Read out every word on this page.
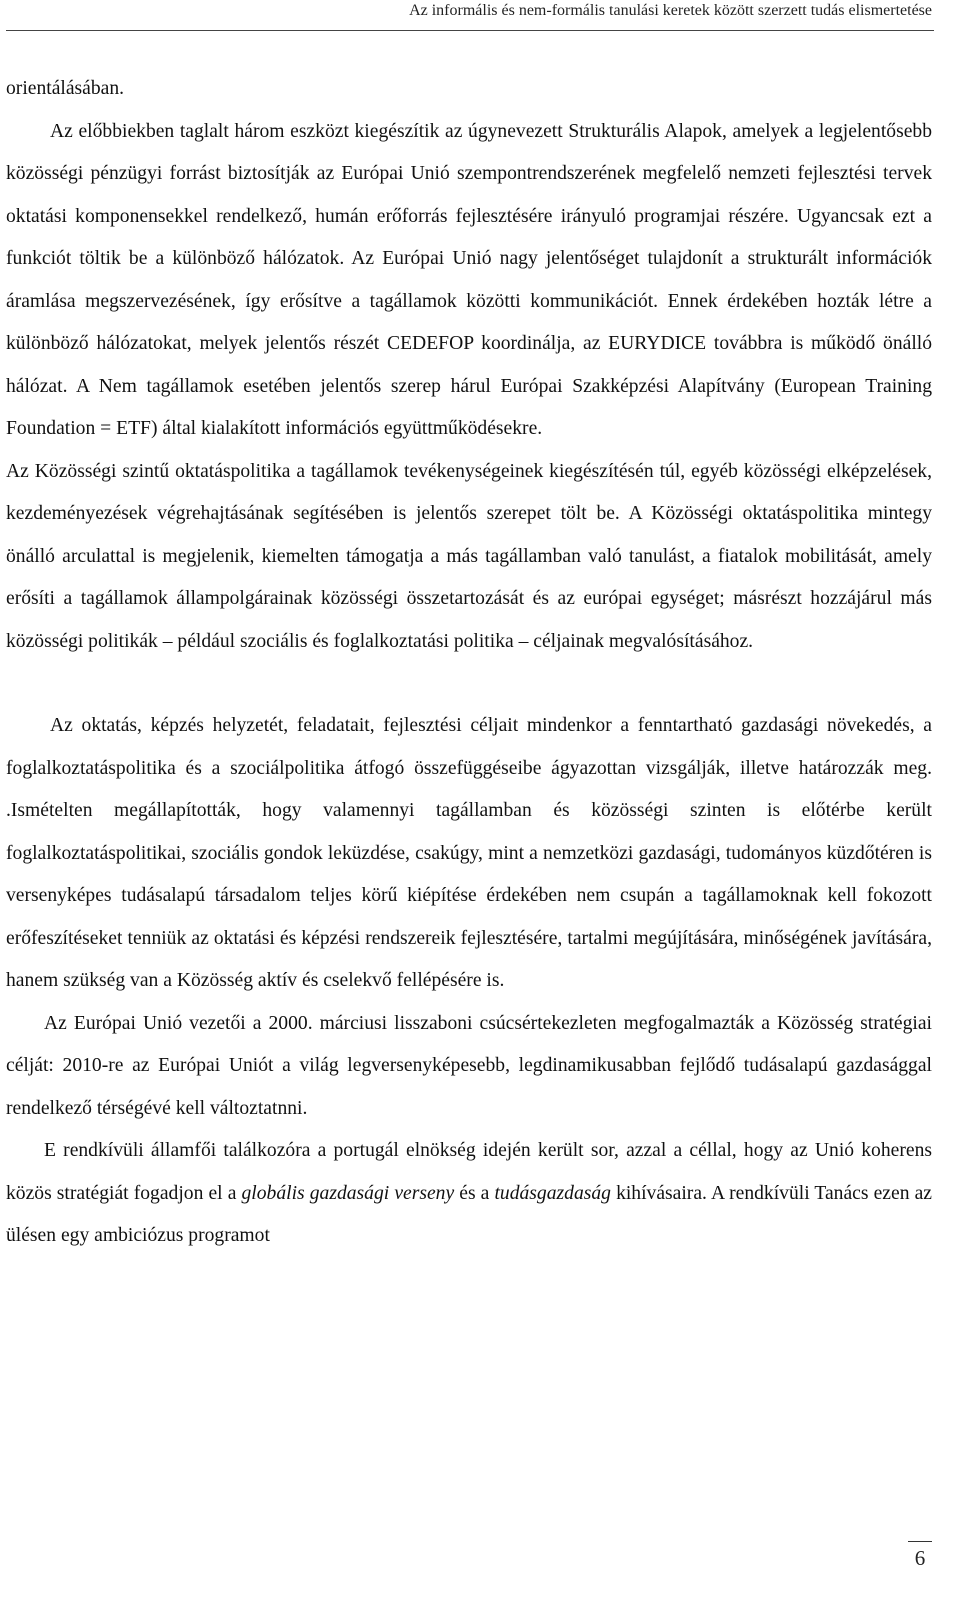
Az informális és nem-formális tanulási keretek között szerzett tudás elismertetése

orientálásában.

Az előbbiekben taglalt három eszközt kiegészítik az úgynevezett Strukturális Alapok, amelyek a legjelentősebb közösségi pénzügyi forrást biztosítják az Európai Unió szempontrendszerének megfelelő nemzeti fejlesztési tervek oktatási komponensekkel rendelkező, humán erőforrás fejlesztésére irányuló programjai részére. Ugyancsak ezt a funkciót töltik be a különböző hálózatok. Az Európai Unió nagy jelentőséget tulajdonít a strukturált információk áramlása megszervezésének, így erősítve a tagállamok közötti kommunikációt. Ennek érdekében hozták létre a különböző hálózatokat, melyek jelentős részét CEDEFOP koordinálja, az EURYDICE továbbra is működő önálló hálózat. A Nem tagállamok esetében jelentős szerep hárul Európai Szakképzési Alapítvány (European Training Foundation = ETF) által kialakított információs együttműködésekre.

Az Közösségi szintű oktatáspolitika a tagállamok tevékenységeinek kiegészítésén túl, egyéb közösségi elképzelések, kezdeményezések végrehajtásának segítésében is jelentős szerepet tölt be. A Közösségi oktatáspolitika mintegy önálló arculattal is megjelenik, kiemelten támogatja a más tagállamban való tanulást, a fiatalok mobilitását, amely erősíti a tagállamok állampolgárainak közösségi összetartozását és az európai egységet; másrészt hozzájárul más közösségi politikák – például szociális és foglalkoztatási politika – céljainak megvalósításához.

Az oktatás, képzés helyzetét, feladatait, fejlesztési céljait mindenkor a fenntartható gazdasági növekedés, a foglalkoztatáspolitika és a szociálpolitika átfogó összefüggéseibe ágyazottan vizsgálják, illetve határozzák meg. .Ismételten megállapították, hogy valamennyi tagállamban és közösségi szinten is előtérbe került foglalkoztatáspolitikai, szociális gondok leküzdése, csakúgy, mint a nemzetközi gazdasági, tudományos küzdőtéren is versenyképes tudásalapú társadalom teljes körű kiépítése érdekében nem csupán a tagállamoknak kell fokozott erőfeszítéseket tenniük az oktatási és képzési rendszereik fejlesztésére, tartalmi megújítására, minőségének javítására, hanem szükség van a Közösség aktív és cselekvő fellépésére is.

Az Európai Unió vezetői a 2000. márciusi lisszaboni csúcsértekezleten megfogalmazták a Közösség stratégiai célját: 2010-re az Európai Uniót a világ legversenyképesebb, legdinamikusabban fejlődő tudásalapú gazdasággal rendelkező térségévé kell változtatnni.

E rendkívüli államfői találkozóra a portugál elnökség idején került sor, azzal a céllal, hogy az Unió koherens közös stratégiát fogadjon el a globális gazdasági verseny és a tudásgazdaság kihívásaira. A rendkívüli Tanács ezen az ülésen egy ambiciózus programot

6
